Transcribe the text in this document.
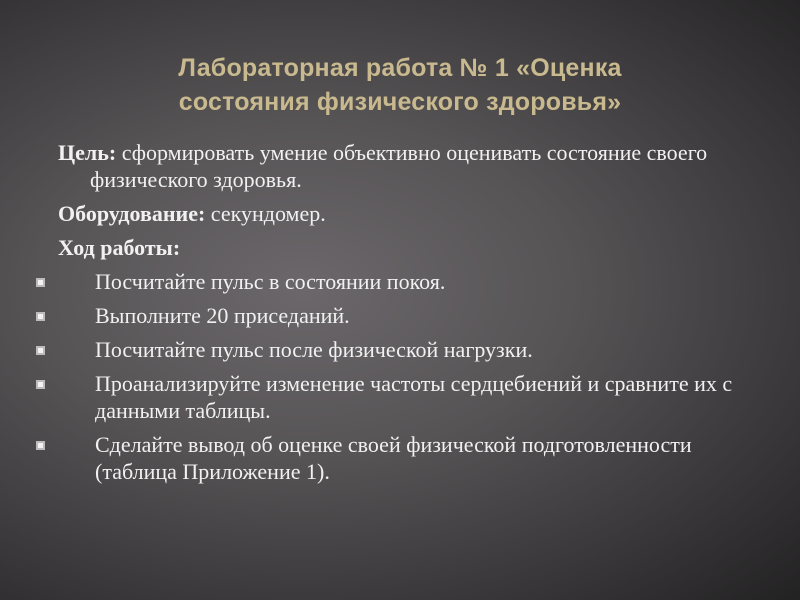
Лабораторная работа № 1 «Оценка
состояния физического здоровья»

Цель: сформировать умение объективно оценивать состояние своего физического здоровья.

Оборудование: секундомер.

Ход работы:

Посчитайте пульс в состоянии покоя.
Выполните 20 приседаний.
Посчитайте пульс после физической нагрузки.
Проанализируйте изменение частоты сердцебиений и сравните их с данными таблицы.
Сделайте вывод об оценке своей физической подготовленности (таблица Приложение 1).
